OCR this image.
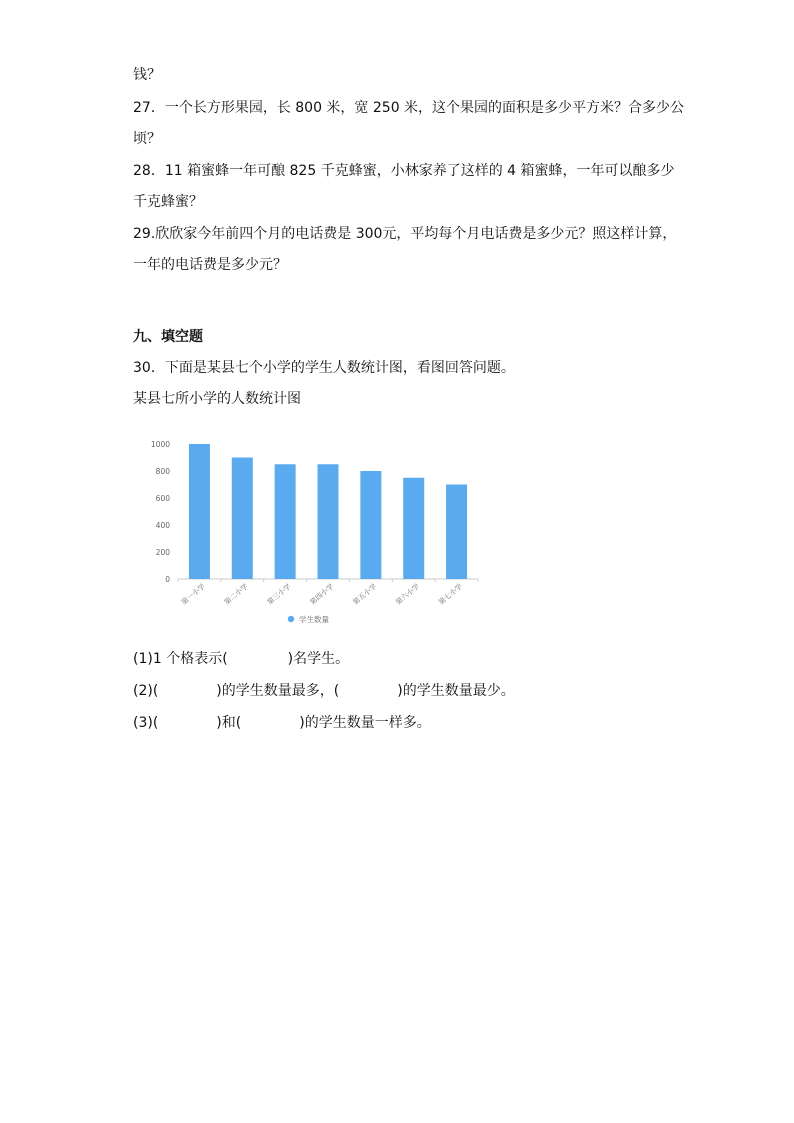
钱？
27．一个长方形果园，长 800 米，宽 250 米，这个果园的面积是多少平方米？合多少公
顷？
28．11 箱蜜蜂一年可酿 825 千克蜂蜜，小林家养了这样的 4 箱蜜蜂，一年可以酿多少
千克蜂蜜？
29.欣欣家今年前四个月的电话费是 300元，平均每个月电话费是多少元？照这样计算，
一年的电话费是多少元？
九、填空题
30．下面是某县七个小学的学生人数统计图，看图回答问题。
某县七所小学的人数统计图
0
200
400
600
800
1000
第一小学 第二小学 第三小学 第四小学 第五小学 第六小学 第七小学
学生数量
(1)1 个格表示(	)名学生。
(2)(	)的学生数量最多，(	)的学生数量最少。
(3)(	)和(	)的学生数量一样多。
